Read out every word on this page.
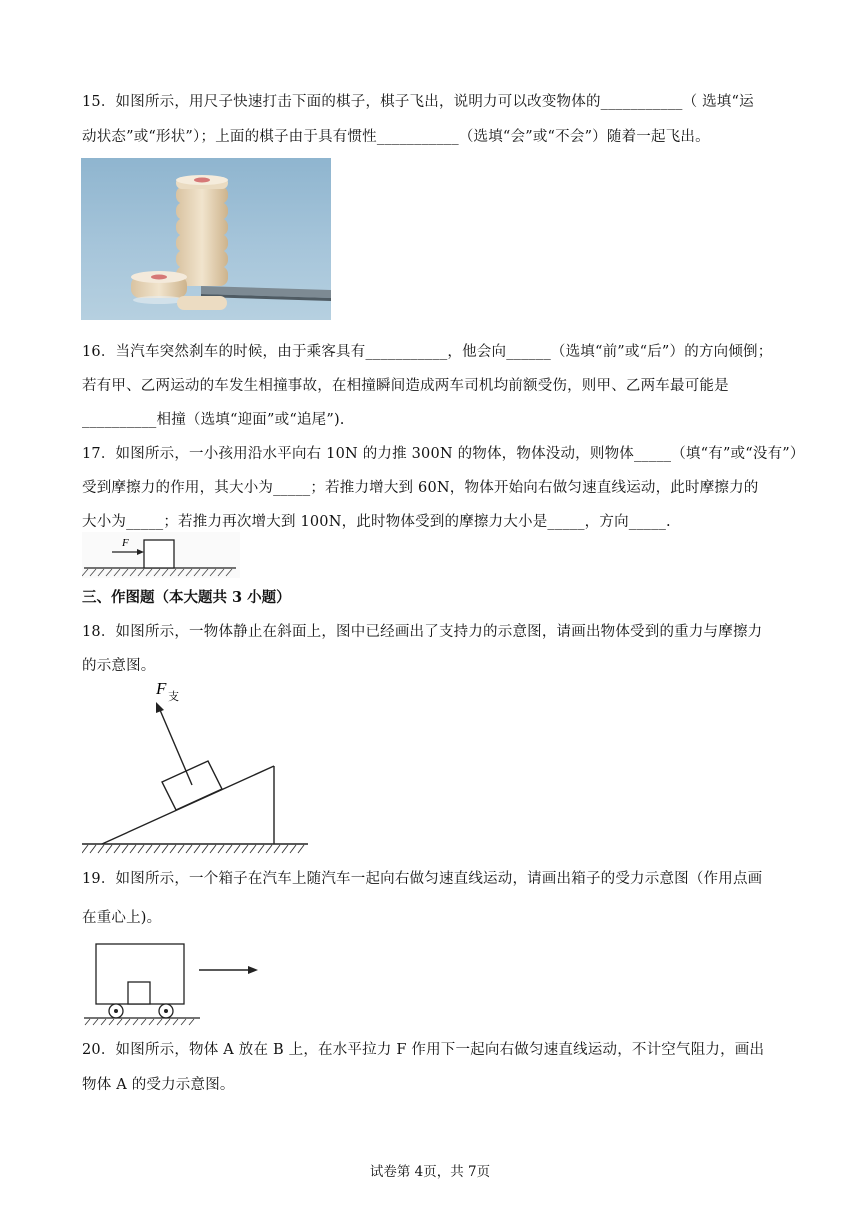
15．如图所示，用尺子快速打击下面的棋子，棋子飞出，说明力可以改变物体的___________（ 选填“运
动状态”或“形状”）；上面的棋子由于具有惯性___________（选填“会”或“不会”）随着一起飞出。
16．当汽车突然刹车的时候，由于乘客具有___________，他会向______（选填“前”或“后”）的方向倾倒；
若有甲、乙两运动的车发生相撞事故，在相撞瞬间造成两车司机均前额受伤，则甲、乙两车最可能是
__________相撞（选填“迎面”或“追尾”).
17．如图所示，一小孩用沿水平向右 10N 的力推 300N 的物体，物体没动，则物体_____（填“有”或“没有”）
受到摩擦力的作用，其大小为_____；若推力增大到 60N，物体开始向右做匀速直线运动，此时摩擦力的
大小为_____；若推力再次增大到 100N，此时物体受到的摩擦力大小是_____，方向_____.
F
三、作图题（本大题共 3 小题）
18．如图所示，一物体静止在斜面上，图中已经画出了支持力的示意图，请画出物体受到的重力与摩擦力
的示意图。
F 支
19．如图所示，一个箱子在汽车上随汽车一起向右做匀速直线运动，请画出箱子的受力示意图（作用点画
在重心上)。
20．如图所示，物体 A 放在 B 上，在水平拉力 F 作用下一起向右做匀速直线运动，不计空气阻力，画出
物体 A 的受力示意图。
试卷第 4页，共 7页
